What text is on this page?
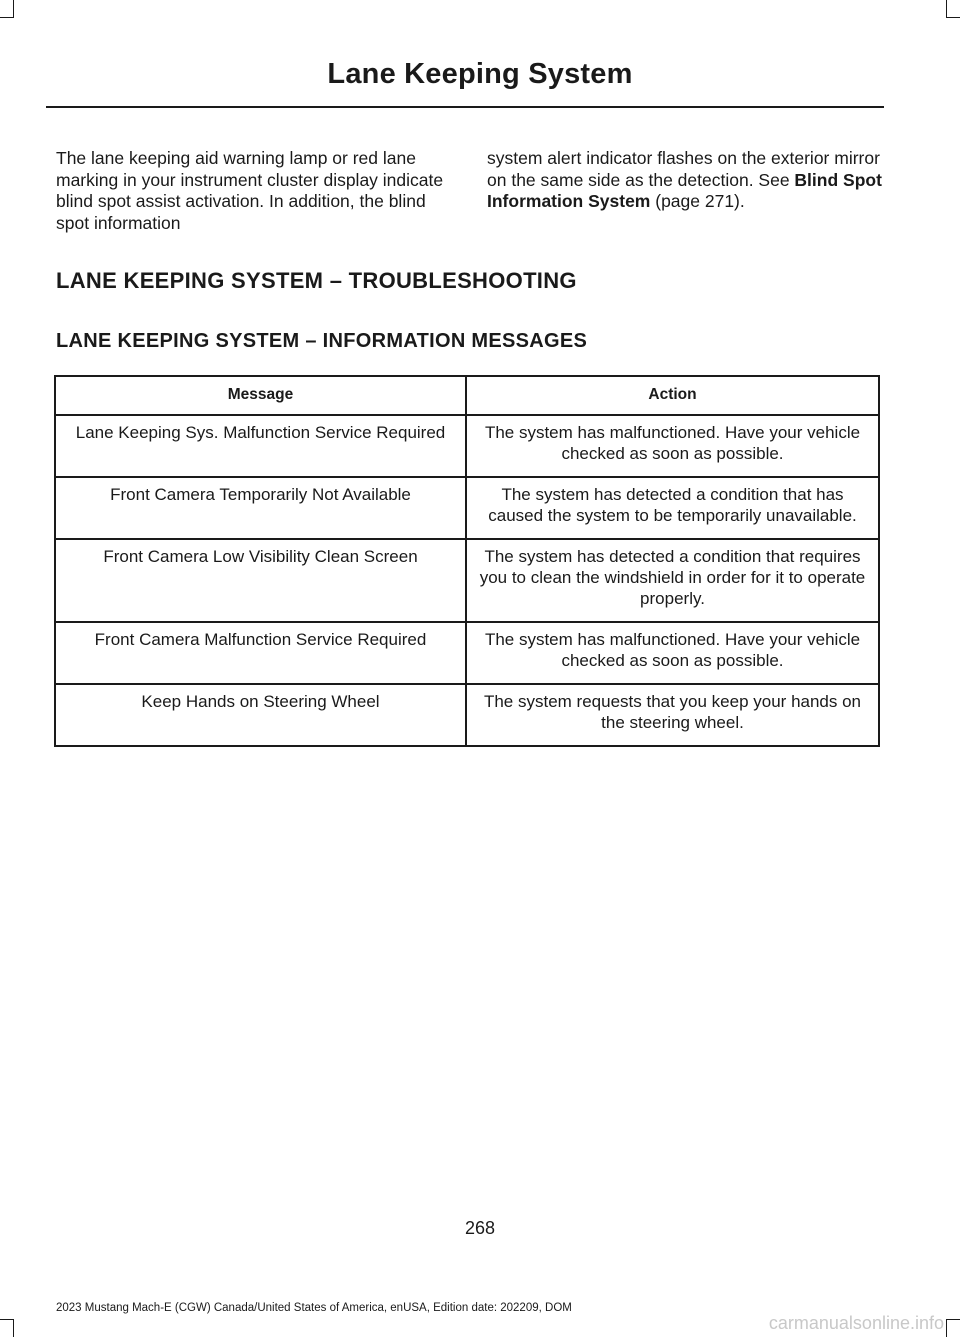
Lane Keeping System
The lane keeping aid warning lamp or red lane marking in your instrument cluster display indicate blind spot assist activation. In addition, the blind spot information
system alert indicator flashes on the exterior mirror on the same side as the detection. See Blind Spot Information System (page 271).
LANE KEEPING SYSTEM – TROUBLESHOOTING
LANE KEEPING SYSTEM – INFORMATION MESSAGES
Message	Action
Lane Keeping Sys. Malfunction Service Required	The system has malfunctioned. Have your vehicle checked as soon as possible.
Front Camera Temporarily Not Available	The system has detected a condition that has caused the system to be temporarily unavailable.
Front Camera Low Visibility Clean Screen	The system has detected a condition that requires you to clean the windshield in order for it to operate properly.
Front Camera Malfunction Service Required	The system has malfunctioned. Have your vehicle checked as soon as possible.
Keep Hands on Steering Wheel	The system requests that you keep your hands on the steering wheel.
268
2023 Mustang Mach-E (CGW) Canada/United States of America, enUSA, Edition date: 202209, DOM
carmanualsonline.info
